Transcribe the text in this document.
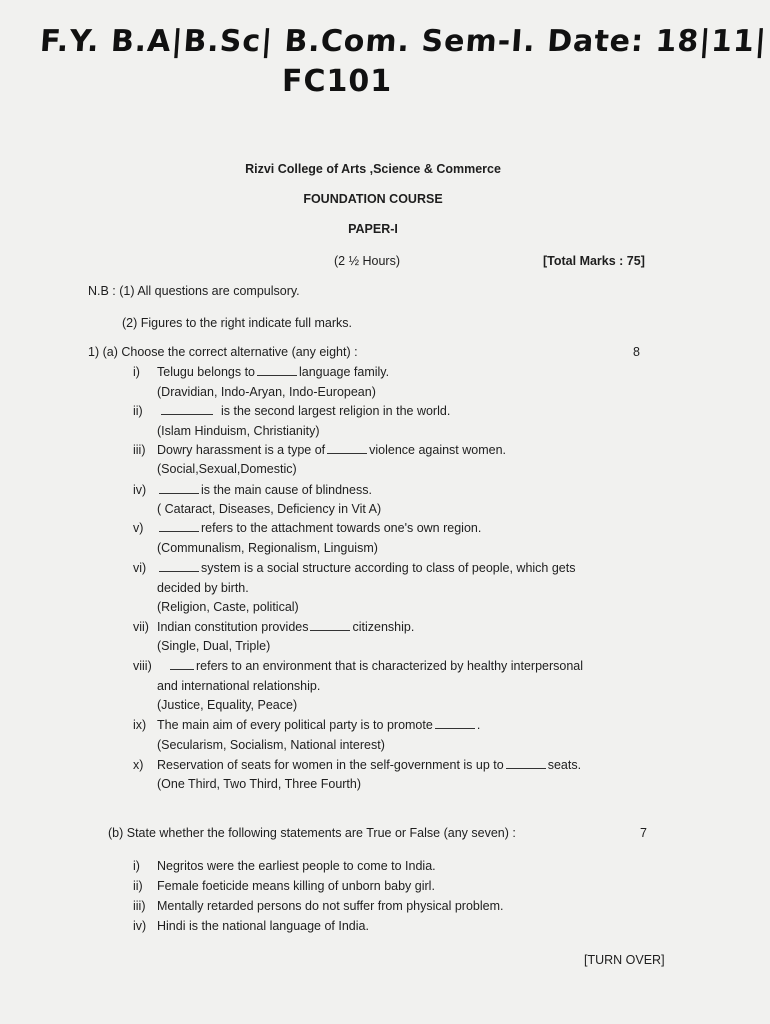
F.Y. B.A|B.Sc| B.Com. Sem-I. Date: 18|11|
FC101
Rizvi College of Arts ,Science & Commerce
FOUNDATION COURSE
PAPER-I
(2 ½ Hours)	[Total Marks : 75]
N.B : (1) All questions are compulsory.
(2) Figures to the right indicate full marks.
1) (a) Choose the correct alternative (any eight) :	8
i) Telugu belongs to	language family.
(Dravidian, Indo-Aryan, Indo-European)
ii)	is the second largest religion in the world.
(Islam Hinduism, Christianity)
iii) Dowry harassment is a type of	violence against women.
(Social,Sexual,Domestic)
iv)	is the main cause of blindness.
( Cataract, Diseases, Deficiency in Vit A)
v)	refers to the attachment towards one's own region.
(Communalism, Regionalism, Linguism)
vi)	system is a social structure according to class of people, which gets
decided by birth.
(Religion, Caste, political)
vii) Indian constitution provides	citizenship.
(Single, Dual, Triple)
viii)	refers to an environment that is characterized by healthy interpersonal
and international relationship.
(Justice, Equality, Peace)
ix) The main aim of every political party is to promote	.
(Secularism, Socialism, National interest)
x) Reservation of seats for women in the self-government is up to	seats.
(One Third, Two Third, Three Fourth)
(b) State whether the following statements are True or False (any seven) :	7
i) Negritos were the earliest people to come to India.
ii) Female foeticide means killing of unborn baby girl.
iii) Mentally retarded persons do not suffer from physical problem.
iv) Hindi is the national language of India.
[TURN OVER]
